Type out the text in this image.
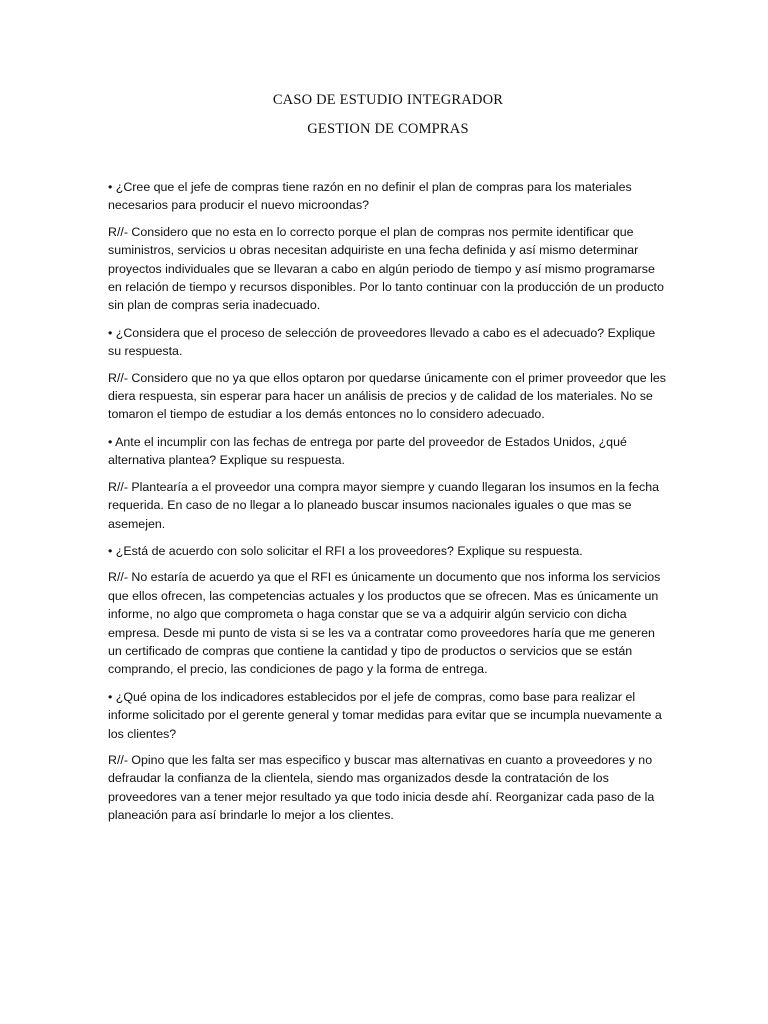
CASO DE ESTUDIO INTEGRADOR

GESTION DE COMPRAS

• ¿Cree que el jefe de compras tiene razón en no definir el plan de compras para los materiales necesarios para producir el nuevo microondas?

R//- Considero que no esta en lo correcto porque el plan de compras nos permite identificar que suministros, servicios u obras necesitan adquiriste en una fecha definida y así mismo determinar proyectos individuales que se llevaran a cabo en algún periodo de tiempo y así mismo programarse en relación de tiempo y recursos disponibles. Por lo tanto continuar con la producción de un producto sin plan de compras seria inadecuado.

• ¿Considera que el proceso de selección de proveedores llevado a cabo es el adecuado? Explique su respuesta.

R//- Considero que no ya que ellos optaron por quedarse únicamente con el primer proveedor que les diera respuesta, sin esperar para hacer un análisis de precios y de calidad de los materiales. No se tomaron el tiempo de estudiar a los demás entonces no lo considero adecuado.

• Ante el incumplir con las fechas de entrega por parte del proveedor de Estados Unidos, ¿qué alternativa plantea? Explique su respuesta.

R//- Plantearía a el proveedor una compra mayor siempre y cuando llegaran los insumos en la fecha requerida. En caso de no llegar a lo planeado buscar insumos nacionales iguales o que mas se asemejen.

• ¿Está de acuerdo con solo solicitar el RFI a los proveedores? Explique su respuesta.

R//- No estaría de acuerdo ya que el RFI es únicamente un documento que nos informa los servicios que ellos ofrecen, las competencias actuales y los productos que se ofrecen. Mas es únicamente un informe, no algo que comprometa o haga constar que se va a adquirir algún servicio con dicha empresa. Desde mi punto de vista si se les va a contratar como proveedores haría que me generen un certificado de compras que contiene la cantidad y tipo de productos o servicios que se están comprando, el precio, las condiciones de pago y la forma de entrega.

• ¿Qué opina de los indicadores establecidos por el jefe de compras, como base para realizar el informe solicitado por el gerente general y tomar medidas para evitar que se incumpla nuevamente a los clientes?

R//- Opino que les falta ser mas especifico y buscar mas alternativas en cuanto a proveedores y no defraudar la confianza de la clientela, siendo mas organizados desde la contratación de los proveedores van a tener mejor resultado ya que todo inicia desde ahí. Reorganizar cada paso de la planeación para así brindarle lo mejor a los clientes.
